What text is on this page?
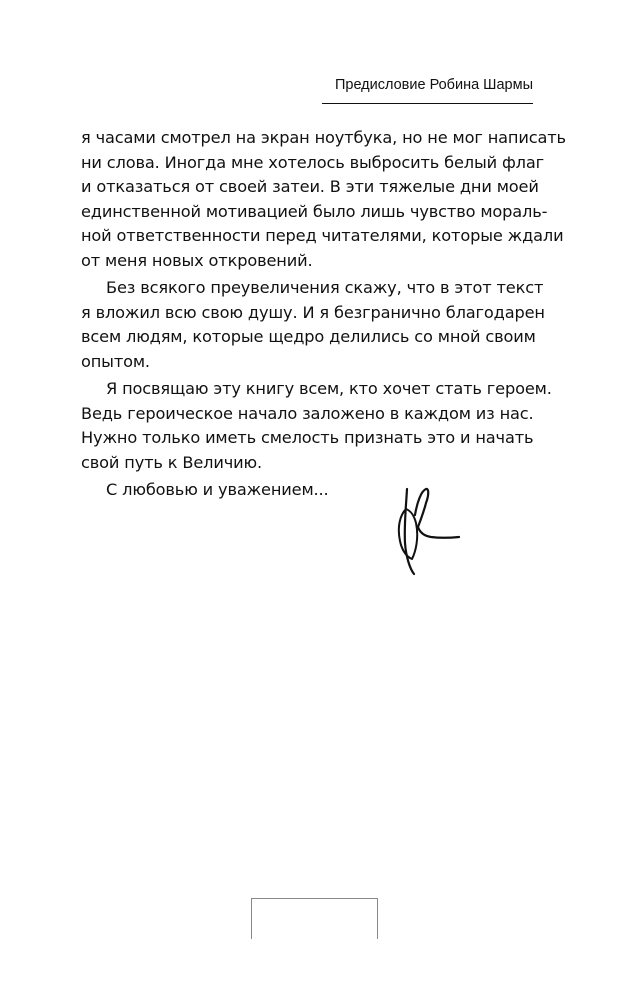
Предисловие Робина Шармы
я часами смотрел на экран ноутбука, но не мог написать
ни слова. Иногда мне хотелось выбросить белый флаг
и отказаться от своей затеи. В эти тяжелые дни моей
единственной мотивацией было лишь чувство мораль-
ной ответственности перед читателями, которые ждали
от меня новых откровений.
Без всякого преувеличения скажу, что в этот текст
я вложил всю свою душу. И я безгранично благодарен
всем людям, которые щедро делились со мной своим
опытом.
Я посвящаю эту книгу всем, кто хочет стать героем.
Ведь героическое начало заложено в каждом из нас.
Нужно только иметь смелость признать это и начать
свой путь к Величию.
С любовью и уважением...
